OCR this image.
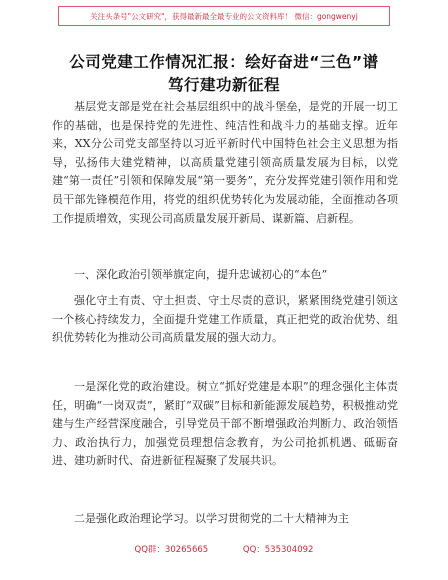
关注头条号"公文研究"，获得最新最全最专业的公文资料库！ 微信：gongwenyj
公司党建工作情况汇报：绘好奋进“三色”谱
笃行建功新征程
基层党支部是党在社会基层组织中的战斗堡垒，是党的开展一切工作的基础，也是保持党的先进性、纯洁性和战斗力的基础支撑。近年来，XX分公司党支部坚持以习近平新时代中国特色社会主义思想为指导，弘扬伟大建党精神，以高质量党建引领高质量发展为目标，以党建“第一责任”引领和保障发展“第一要务”，充分发挥党建引领作用和党员干部先锋模范作用，将党的组织优势转化为发展动能，全面推动各项工作提质增效，实现公司高质量发展开新局、谋新篇、启新程。
一、深化政治引领举旗定向，提升忠诚初心的“本色”
强化守土有责、守土担责、守土尽责的意识，紧紧围绕党建引领这一个核心持续发力，全面提升党建工作质量，真正把党的政治优势、组织优势转化为推动公司高质量发展的强大动力。
一是深化党的政治建设。树立“抓好党建是本职”的理念强化主体责任，明确“一岗双责”，紧盯“双碳”目标和新能源发展趋势，积极推动党建与生产经营深度融合，引导党员干部不断增强政治判断力、政治领悟力、政治执行力，加强党员理想信念教育，为公司抢抓机遇、砥砺奋进、建功新时代、奋进新征程凝聚了发展共识。
二是强化政治理论学习。以学习贯彻党的二十大精神为主
QQ群：30265665	QQ：535304092
